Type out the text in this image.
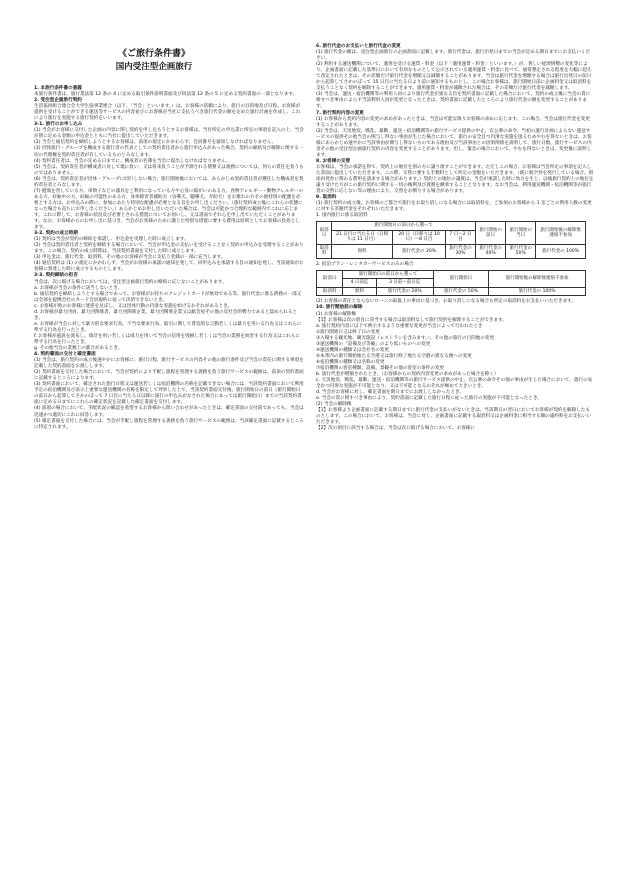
《ご旅行条件書》
国内受注型企画旅行
1. 本旅行条件書の意義
本旅行条件書は、旅行業法第 12 条の 4 に定める取引条件説明書面及び同法第 12 条の 5 に定める契約書面の一部となります。
2. 受注型企画旅行契約
生活協同組合連合会大学生協事業連合（以下、「当会」といいます。）は、お客様の依頼により、旅行の目的地及び日程、お客様が提供を受けることができる運送等サービスの内容並びにお客様が当社に支払うべき旅行代金の額を定めた旅行計画を作成し、これにより旅行を実施する旅行契約をいいます。
3-1. 旅行のお申し込み
(1) 当会がお客様に交付した企画の内容に関し契約を申し込もうとするお客様は、当社所定の申込書に所定の事項を記入の上、当会が別に定める金額の申込金とともに当社に提出していただきます。
(2) 当会と通信契約を締結しようとするお客様は、前項の規定にかかわらず、会員番号を通知しなければなりません。
(3) 団体旅行・グループを構成する旅行者の代表としての契約責任者から旅行申込みがあった場合、契約の締結及び解除に関する一切の代理権を契約責任者が有しているものとみなします。
(4) 契約責任者は、当会の定める日までに、構成者の名簿を当会に提出しなければなりません。
(5) 当会は、契約責任者が構成者に対して現に負い、又は将来負うことが予測される債務又は義務については、何らの責任を負うものではありません。
(6) 当会は、契約責任者が団体・グループに同行しない場合、旅行開始後においては、あらかじめ契約責任者が選任した構成者を契約責任者とみなします。
(7) 健康を害している方、車椅子などの器具をご利用になっている方や心身に障がいのある方、食物アレルギー・動物アレルギーのある方、妊娠中の方、妊娠の可能性のある方、身体障害者補助犬（盲導犬、聴導犬、介助犬）をお連れの方その他特別の配慮を必要とする方は、お申込みの際に、参加にあたり特別な配慮が必要となる旨をお申し出ください。（旅行契約成立後にこれらの状態になった場合も直ちにお申し出ください。）あらかじめお申し出いただいた場合は、当会は可能かつ合理的な範囲内でこれに応じます。これに際して、お客様の状況及び必要とされる措置についてお伺いし、又は書面でそれらを申し出ていただくことがあります。なお、お客様からのお申し出に基づき、当会がお客様のために講じた特別な措置に要する費用は原則としてお客様の負担とします。
3-2. 契約の成立時期
(1) 契約は当会が契約の締結を承諾し、申込金を受理した時に成立します。
(2) 当会は契約責任者と契約を締結する場合において、当会が申込金の支払いを受けることなく契約の申込みを受理することがあります。この場合、契約の成立時期は、当該契約書面を交付した時に成立します。
(3) 申込金は、旅行代金、取消料、その他のお客様が当会に支払う金銭の一部に充当します。
(4) 通信契約は (1) の規定にかかわらず、当会がお客様の承諾の通知を発して、同申込みを承諾する旨の通知を発し、当該通知がお客様に到達した時に成立するものとします。
3-3. 契約締結の拒否
当会は、次に掲げる場合においては、受注型企画旅行契約の締結に応じないことがあります。
a. お客様が当会の条件に該当しないとき。
b. 通信契約を締結しようとする場合であって、お客様がお持ちのクレジットカードが無効である等、旅行代金に係る債務の一部又は全部を提携会社のカード会員規約に従って決済できないとき。
c. お客様が他のお客様に迷惑を及ぼし、又は団体行動の円滑な実施を妨げるおそれがあるとき。
d. お客様が暴力団員、暴力団関係者、暴力団関係企業、暴力団関係企業又は総会屋その他の反社会的勢力であると認められるとき。
e. お客様が当会に対して暴力的な要求行為、不当な要求行為、取引に関して脅迫的な言動若しくは暴力を用いる行為又はこれらに準ずる行為を行ったとき。
f. お客様が風説を流布し、偽計を用い若しくは威力を用いて当会の信用を毀損し若しくは当会の業務を妨害する行為又はこれらに準ずる行為を行ったとき。
g. その他当会の業務上の都合があるとき。
4. 契約書面の交付と確定書面
(1) 当会は、旅行契約の成立後速やかにお客様に、旅行日程、旅行サービスの内容その他の旅行条件及び当会の責任に関する事項を記載した契約書面をお渡しします。
(2) 契約書面を交付した場合において、当会が契約により手配し旅程を管理する義務を負う旅行サービスの範囲は、前項の契約書面に記載するところによります。
(3) 契約書面において、確定された旅行日程又は運送若しくは宿泊機関の名称を記載できない場合には、当該契約書面において利用予定の宿泊機関及び表示上重要な運送機関の名称を限定して列挙した上で、当該契約書面交付後、旅行開始日の前日（旅行開始日の前日から起算してさかのぼって 7 日目に当たる日以降に旅行の申込みがなされた場合にあっては旅行開始日）までの当該契約書面に定める日までにこれらの確定状況を記載した確定書面を交付します。
(4) 前項の場合において、手配状況の確認を希望するお客様から問い合わせがあったときは、確定書面の交付前であっても、当会は迅速かつ適切にこれに回答します。
(5) 確定書面を交付した場合には、当会が手配し旅程を管理する義務を負う旅行サービスの範囲は、当該確定書面に記載するところに特定されます。
6. 旅行代金のお支払いと旅行代金の変更
(1) 旅行代金の額は、受注型企画旅行の企画書面に記載します。旅行代金は、旅行出発日までの当会が定める期日までにお支払いください。
(2) 利用する運送機関について、適用を受ける運賃・料金（以下「適用運賃・料金」といいます。）が、著しい経済情勢の変化等により、企画書面に記載した基準日において有効なものとして公示されている適用運賃・料金に比べて、通常想定される程度を大幅に超えて改定されたときは、その差額だけ旅行代金を増額又は減額することがあります。当会は旅行代金を増額する場合は旅行出発日の前日から起算してさかのぼって 15 日目に当たる日より前に通知するものとし、この場合お客様は、旅行開始日前に企画料金又は取消料を支払うことなく契約を解除することができます。適用運賃・料金が減額された場合は、その差額だけ旅行代金を減額します。
(3) 当会は、運送・宿泊機関等の利用人員により旅行代金が異なる旨を契約書面に記載した場合において、契約の成立後に当会の責に帰すべき事由によらず当該利用人員が変更となったときは、契約書面に記載したところにより旅行代金の額を変更することがあります。
7. 旅行契約内容の変更
(1) お客様から契約内容の変更の求めがあったときは、当会は可能な限りお客様の求めに応じます。この場合、当会は旅行代金を変更することがあります。
(2) 当会は、天災地変、戦乱、暴動、運送・宿泊機関等の旅行サービス提供の中止、官公署の命令、当初の運行計画によらない運送サービスの提供その他当会の関与し得ない事由が生じた場合において、旅行の安全且つ円滑な実施を図るためやむを得ないときは、お客様にあらかじめ速やかに当該事由が関与し得ないものである理由及び当該事由との因果関係を説明して、旅行日数、旅行サービスの内容その他の受注型企画旅行契約の内容を変更することがあります。但し、緊急の場合において、やむを得ないときは、変更後に説明します。
8. お客様の交替
お客様は、当会の承諾を得て、契約上の地位を別の方に譲り渡すことができます。ただしこの場合、お客様は当会所定の事項を記入した書面に提出していただきます。この際、交替に要する手数料として所定の金額をいただきます。（既に航空券を発行している場合、別途再発券に関わる費用を請求する場合があります。）契約上の地位の譲渡は、当会が承諾した時に効力を生じ、以後旅行契約上の地位を譲り受けた方がこの旅行契約に関する一切の権利及び義務を継承することとなります。なお当会は、利用運送機関・宿泊機関等が旅行者の交替に応じない等の理由により、交替をお断りする場合があります。
9. 取消料
(1) 旅行契約の成立後、お客様のご都合で旅行をお取り消しになる場合には取消料を、ご参加のお客様から 1 室ごとの利用人数の変更に対する差額代金をそれぞれいただきます。
1. 国内旅行に係る取消料
取消日	旅行開始日の前日から遡って			旅行開始の前日	旅行開始の当日	旅行開始後の解除無連絡不参加
	21 日目に当たる日（日帰りは 11 日目）	20 日（日帰りは 10 日）～8 日目	7 日～2 日目			
取消料	無料	旅行代金の 20%	旅行代金の 30%	旅行代金の 40%	旅行代金の 50%	旅行代金の 100%
2. 宿泊プラン・レンタカーサービスのみの場合
取消日	旅行開始日の前日から遡って		旅行開始日	旅行開始後の解除無連絡不参加
	4 日前迄	3 日前～前日迄		
取消料	無料	旅行代金の 20%	旅行代金の 50%	旅行代金の 100%
(2) お客様の責任とならないローンの取扱上の事由に基づき、お取り消しになる場合も所定の取消料をお支払いいただきます。
10. 旅行開始前の解除
(1) お客様の解除権
【1】お客様は次の項目に該当する場合は取消料なしで旅行契約を解除することができます。
a. 旅行契約内容に以下で例示するような重要な変更が当会によって行われたとき
①旅行開始日又は終了日の変更
②入場する観光地、観光施設（レストランを含みます。）、その他の旅行の目的地の変更
③運送機関の「設備及び等級」のより低いものへの変更
④運送機関の種類又は会社名の変更
⑤本邦内の旅行開始地たる空港又は旅行終了地たる空港の異なる便への変更
⑥宿泊機関の種類又は名称の変更
⑦宿泊機関の客室種類、設備、景観その他の客室の条件の変更
b. 旅行代金が増額されたとき。（お客様からの契約内容変更の求めがあった場合を除く）
c. 天災地変、戦乱、暴動、運送・宿泊機関等の旅行サービス提供の中止、官公署の命令その他の事由が生じた場合において、旅行の安全かつ円滑な実施が不可能となり、又は不可能となるおそれが極めて大きいとき。
d. 当会がお客様に対し、確定書面を期日までにお渡ししなかったとき。
e. 当会の責に帰すべき事由により、契約書面に記載した旅行日程に従った旅行の実施が不可能となったとき。
(2) 当会の解除権
【1】お客様より企画書面に記載する期日までに旅行代金の支払いがないときは、当該期日の翌日においてお客様が契約を解除したものとします。この場合において、お客様は、当会に対し、企画書面に記載する取消料又は企画料金に相当する額の違約料をお支払いいただきます。
【2】次の項目に該当する場合は、当会は次に掲げる場合において、お客様に
